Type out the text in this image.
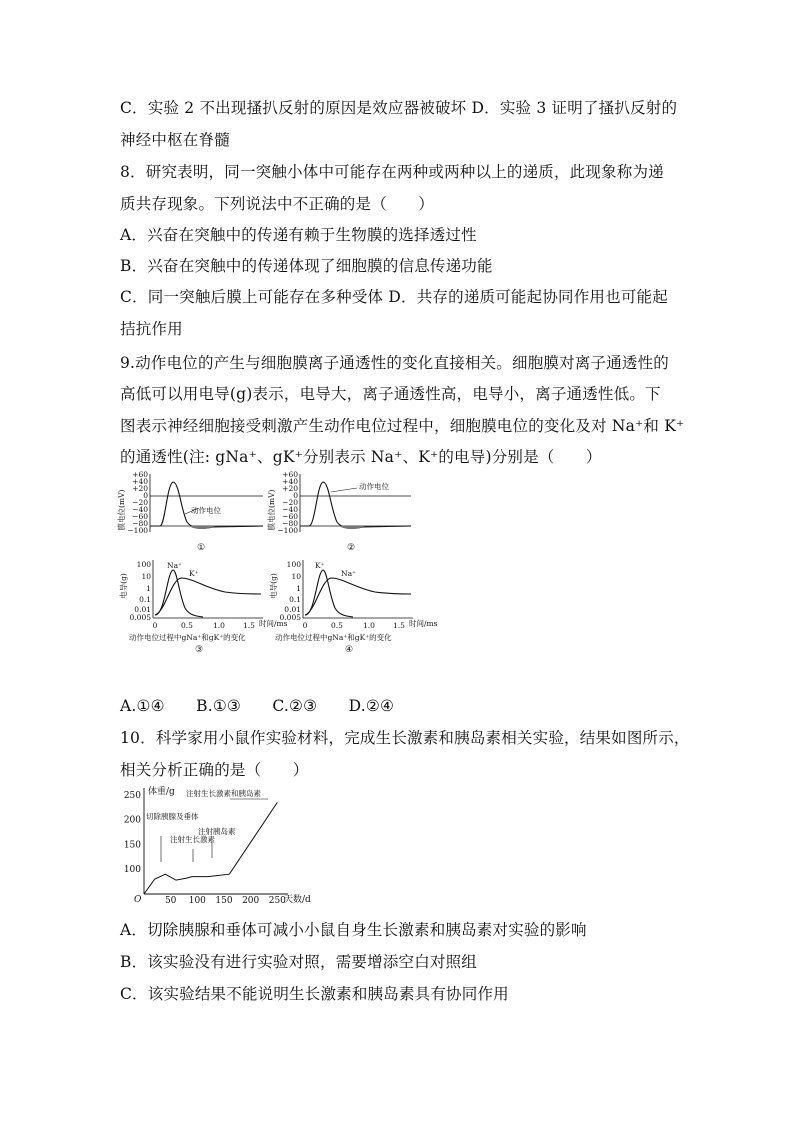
C．实验 2 不出现搔扒反射的原因是效应器被破坏 D．实验 3 证明了搔扒反射的
神经中枢在脊髓
8．研究表明，同一突触小体中可能存在两种或两种以上的递质，此现象称为递
质共存现象。下列说法中不正确的是（　　）
A．兴奋在突触中的传递有赖于生物膜的选择透过性
B．兴奋在突触中的传递体现了细胞膜的信息传递功能
C．同一突触后膜上可能存在多种受体 D．共存的递质可能起协同作用也可能起
拮抗作用
9.动作电位的产生与细胞膜离子通透性的变化直接相关。细胞膜对离子通透性的
高低可以用电导(g)表示，电导大，离子通透性高，电导小，离子通透性低。下
图表示神经细胞接受刺激产生动作电位过程中，细胞膜电位的变化及对 Na⁺和 K⁺
的通透性(注: gNa⁺、gK⁺分别表示 Na⁺、K⁺的电导)分别是（　　）
膜电位(mV)
+60
+40
+20
0
−20
−40
−60
−80
−100
动作电位
①
膜电位(mV)
+60
+40
+20
0
−20
−40
−60
−80
−100
动作电位
②
电导(g)
100
10
1
0.1
0.01
0.005
0	0.5	1.0 1.5 时间/ms
Na⁺
K⁺
动作电位过程中gNa⁺和gK⁺的变化
③
电导(g)
100
10
1
0.1
0.01
0.005
0	0.5	1.0 1.5 时间/ms
K⁺
Na⁺
动作电位过程中gNa⁺和gK⁺的变化
④
A.①④　　B.①③　　C.②③　　D.②④
10．科学家用小鼠作实验材料，完成生长激素和胰岛素相关实验，结果如图所示，
相关分析正确的是（　　）
体重/g
天数/d
O
100
150
200
250
50 100 150 200 250
切除胰腺及垂体
注射生长激素
注射胰岛素
注射生长激素和胰岛素
A．切除胰腺和垂体可减小小鼠自身生长激素和胰岛素对实验的影响
B．该实验没有进行实验对照，需要增添空白对照组
C．该实验结果不能说明生长激素和胰岛素具有协同作用
